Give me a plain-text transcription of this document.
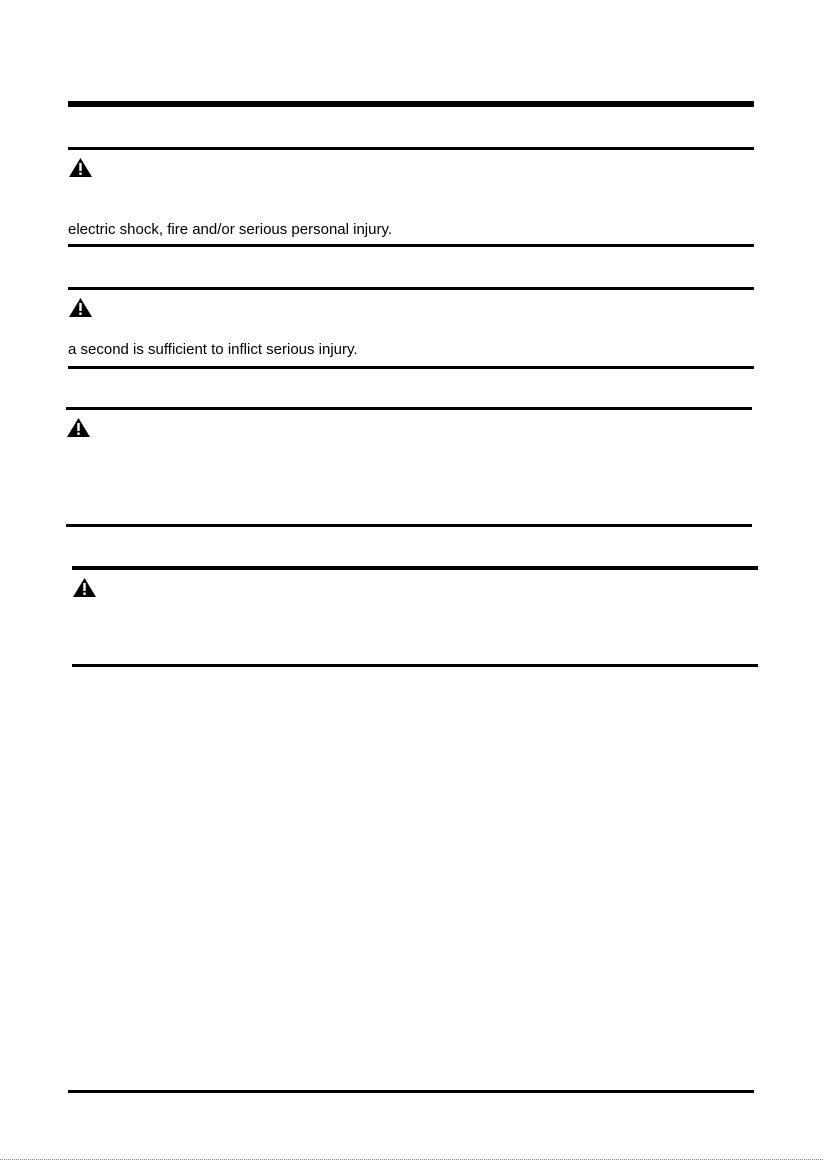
electric shock, fire and/or serious personal injury.
a second is sufficient to inflict serious injury.
